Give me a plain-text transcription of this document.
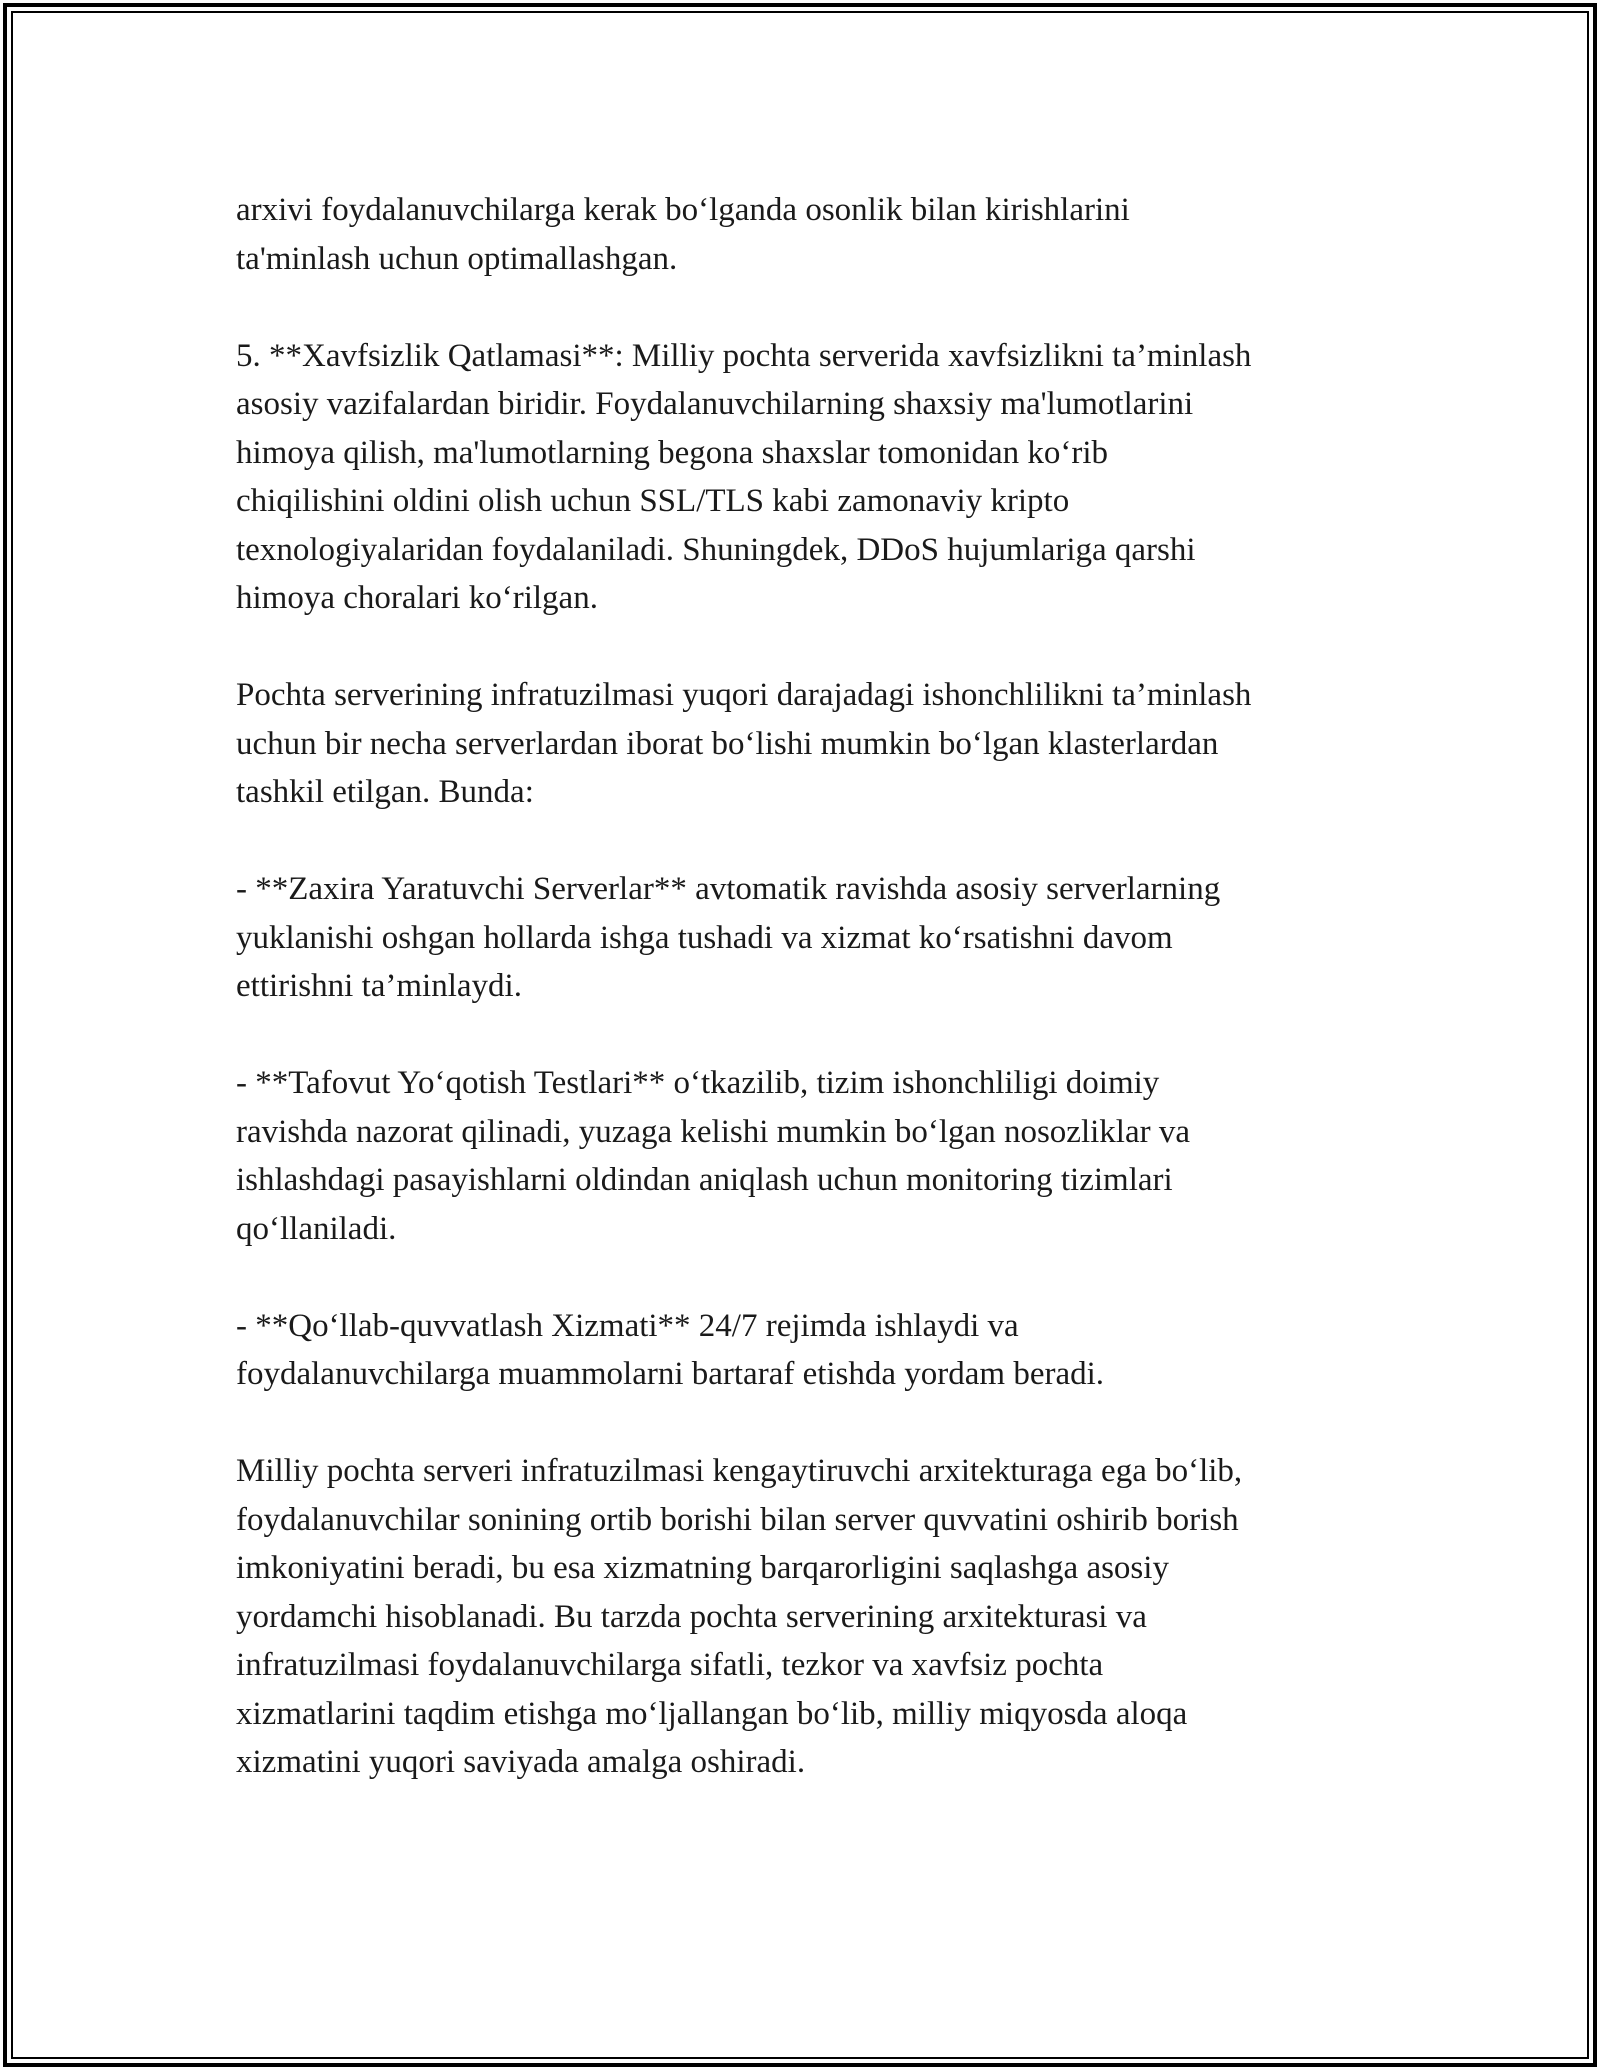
arxivi foydalanuvchilarga kerak bo‘lganda osonlik bilan kirishlarini
ta'minlash uchun optimallashgan.

5. **Xavfsizlik Qatlamasi**: Milliy pochta serverida xavfsizlikni ta’minlash
asosiy vazifalardan biridir. Foydalanuvchilarning shaxsiy ma'lumotlarini
himoya qilish, ma'lumotlarning begona shaxslar tomonidan ko‘rib
chiqilishini oldini olish uchun SSL/TLS kabi zamonaviy kripto
texnologiyalaridan foydalaniladi. Shuningdek, DDoS hujumlariga qarshi
himoya choralari ko‘rilgan.

Pochta serverining infratuzilmasi yuqori darajadagi ishonchlilikni ta’minlash
uchun bir necha serverlardan iborat bo‘lishi mumkin bo‘lgan klasterlardan
tashkil etilgan. Bunda:

- **Zaxira Yaratuvchi Serverlar** avtomatik ravishda asosiy serverlarning
yuklanishi oshgan hollarda ishga tushadi va xizmat ko‘rsatishni davom
ettirishni ta’minlaydi.

- **Tafovut Yo‘qotish Testlari** o‘tkazilib, tizim ishonchliligi doimiy
ravishda nazorat qilinadi, yuzaga kelishi mumkin bo‘lgan nosozliklar va
ishlashdagi pasayishlarni oldindan aniqlash uchun monitoring tizimlari
qo‘llaniladi.

- **Qo‘llab-quvvatlash Xizmati** 24/7 rejimda ishlaydi va
foydalanuvchilarga muammolarni bartaraf etishda yordam beradi.

Milliy pochta serveri infratuzilmasi kengaytiruvchi arxitekturaga ega bo‘lib,
foydalanuvchilar sonining ortib borishi bilan server quvvatini oshirib borish
imkoniyatini beradi, bu esa xizmatning barqarorligini saqlashga asosiy
yordamchi hisoblanadi. Bu tarzda pochta serverining arxitekturasi va
infratuzilmasi foydalanuvchilarga sifatli, tezkor va xavfsiz pochta
xizmatlarini taqdim etishga mo‘ljallangan bo‘lib, milliy miqyosda aloqa
xizmatini yuqori saviyada amalga oshiradi.
